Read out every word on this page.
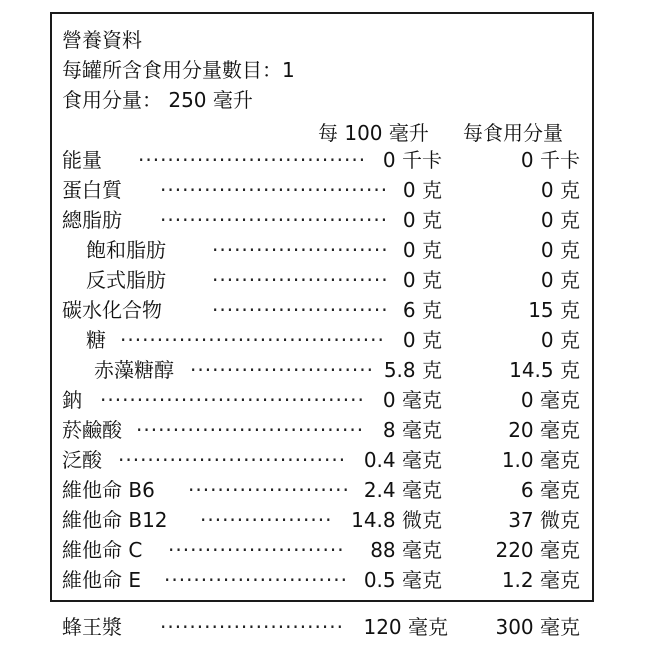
營養資料
每罐所含食用分量數目：1
食用分量： 250 毫升
每 100 毫升 每食用分量
能量 ······························· 0 千卡	0 千卡
蛋白質 ······························· 0 克	0 克
總脂肪 ······························· 0 克	0 克
飽和脂肪 ························ 0 克	0 克
反式脂肪 ························ 0 克	0 克
碳水化合物	························ 6 克	15 克
糖 ···································· 0 克	0 克
赤藻糖醇 ························· 5.8 克	14.5 克
鈉 ···································· 0 毫克	0 毫克
菸鹼酸 ······························· 8 毫克	20 毫克
泛酸 ······························· 0.4 毫克	1.0 毫克
維他命 B6 ······················ 2.4 毫克	6 毫克
維他命 B12 ·················· 14.8 微克	37 微克
維他命 C ························	88 毫克	220 毫克
維他命 E ························· 0.5 毫克	1.2 毫克
蜂王漿 ························· 120 毫克 300 毫克
